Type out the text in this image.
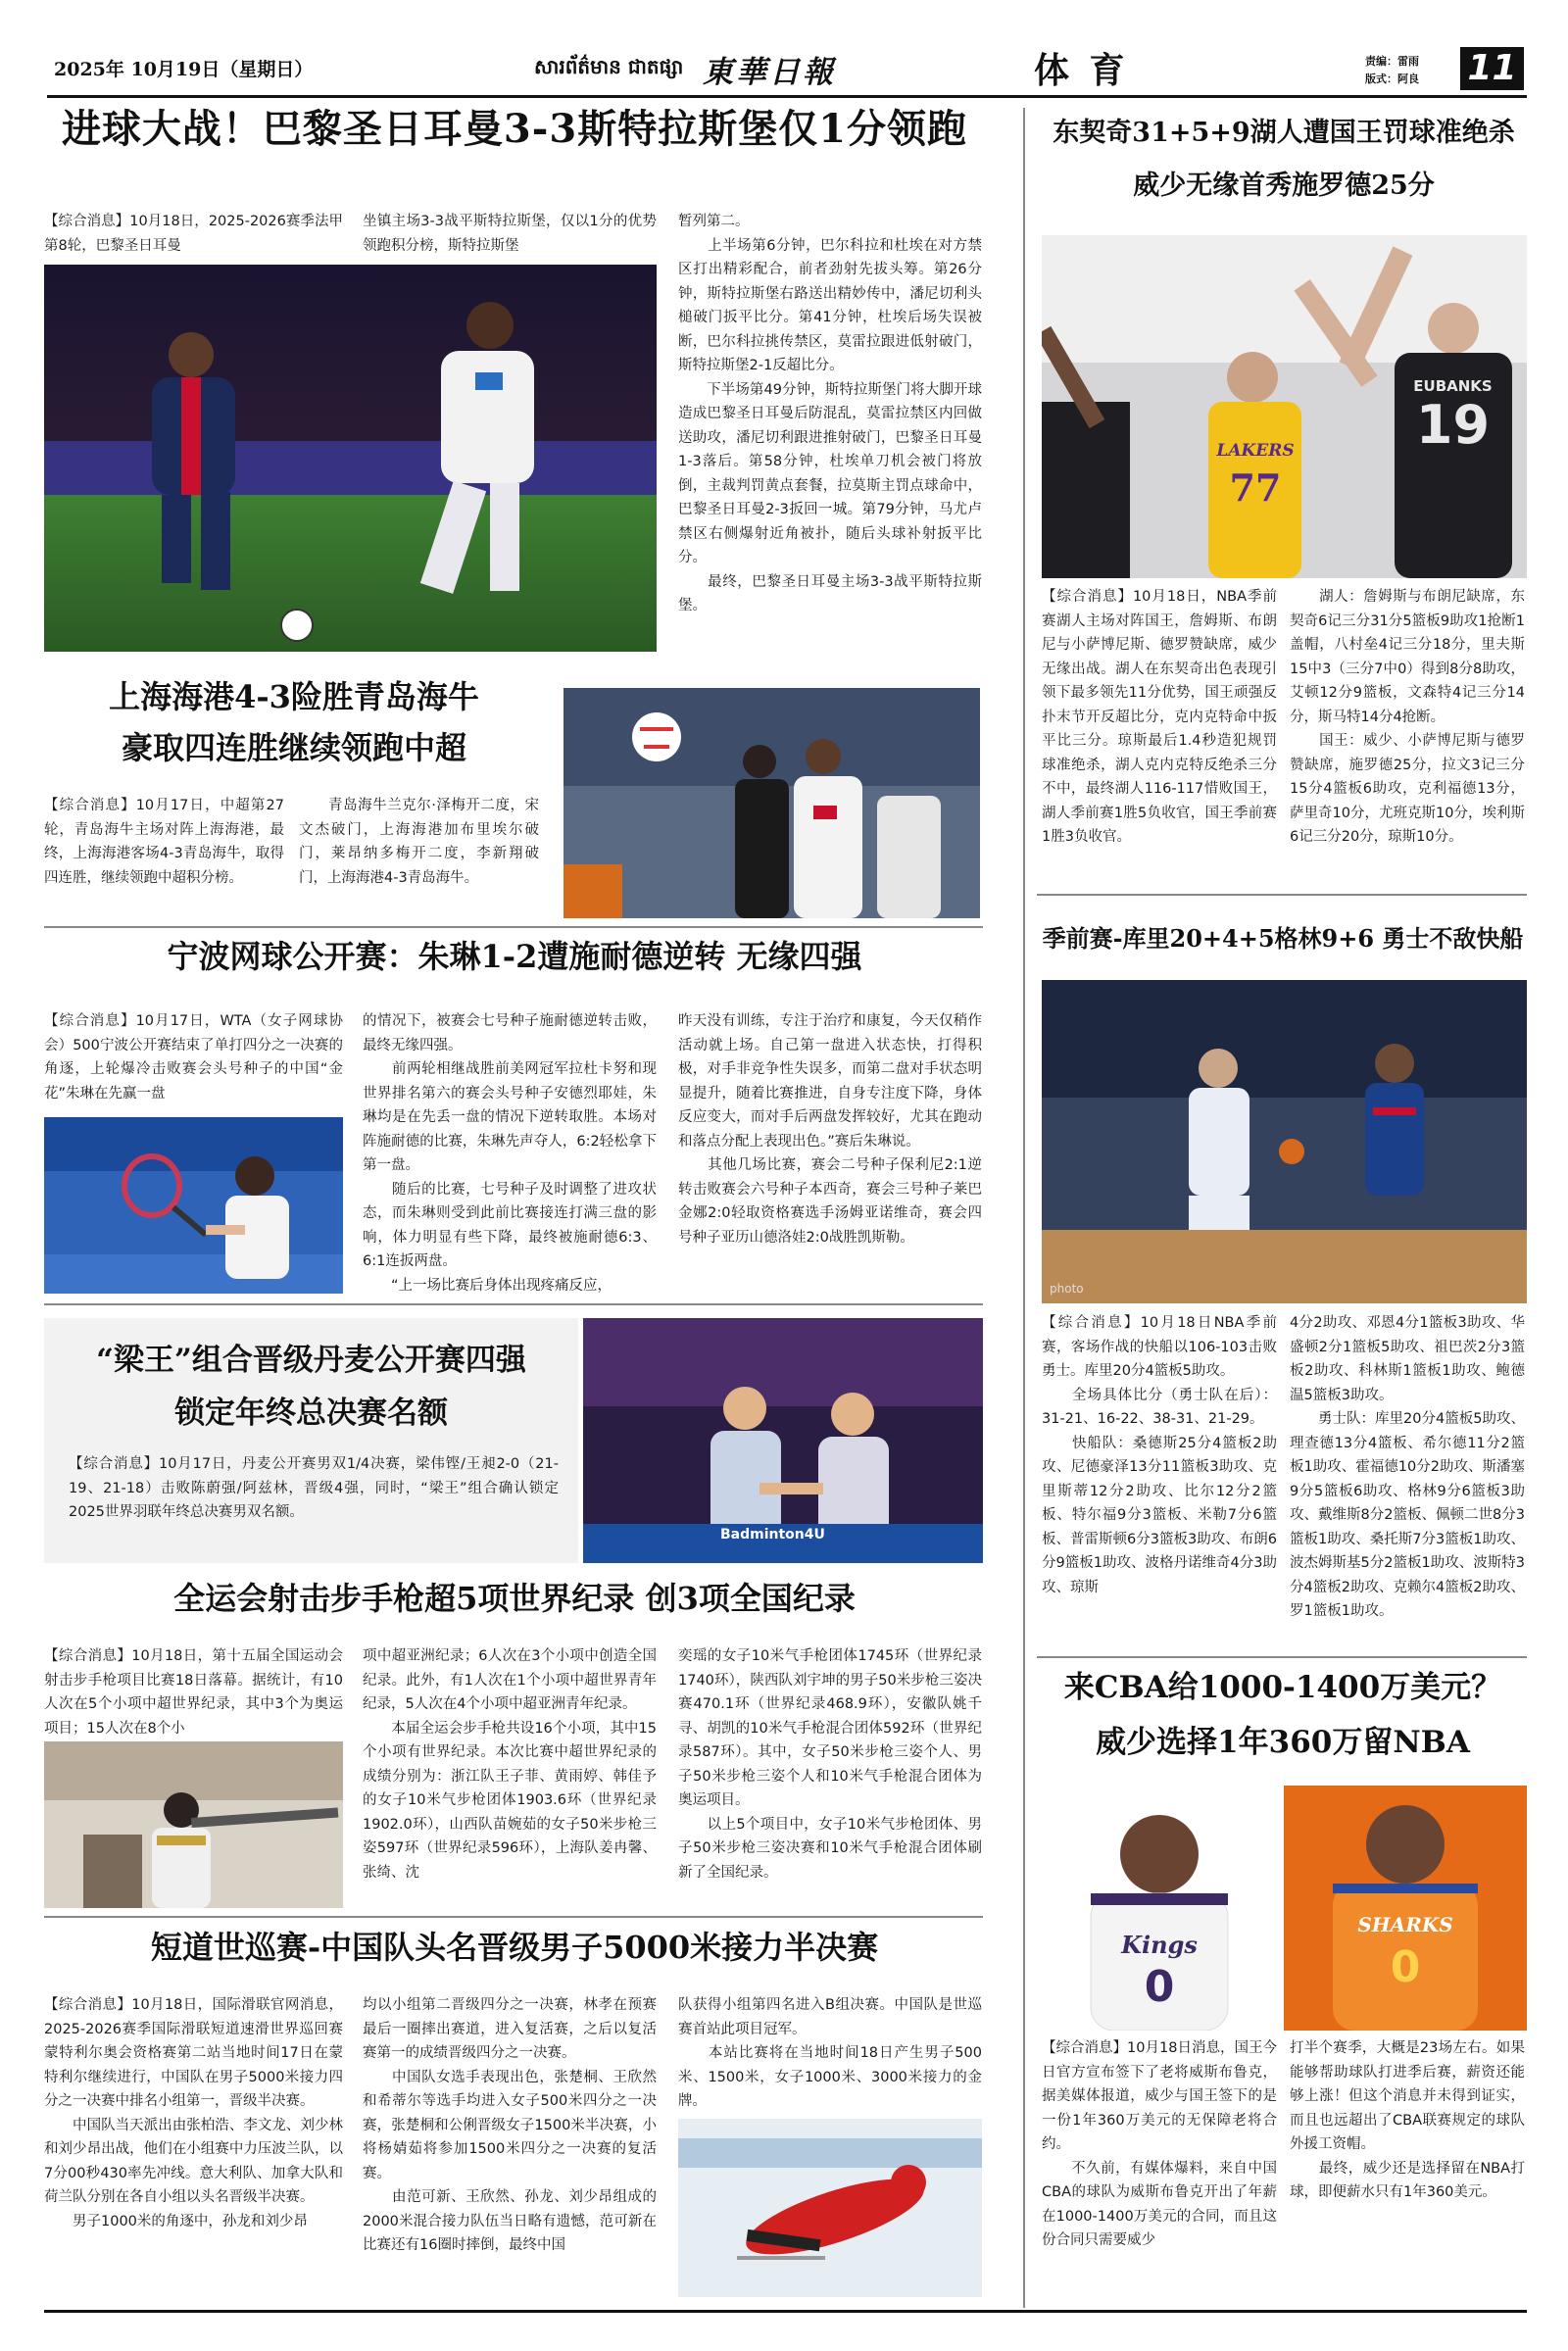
2025年 10月19日（星期日）	សារព័ត៌មាន ជាតផ្សា 東華日報	体 育	责编：雷雨
版式：阿良 11
进球大战！巴黎圣日耳曼3-3斯特拉斯堡仅1分领跑
【综合消息】10月18日，2025-2026赛季法甲第8轮，巴黎圣日耳曼
坐镇主场3-3战平斯特拉斯堡，仅以1分的优势领跑积分榜，斯特拉斯堡
暂列第二。
　　上半场第6分钟，巴尔科拉和杜埃在对方禁区打出精彩配合，前者劲射先拔头筹。第26分钟，斯特拉斯堡右路送出精妙传中，潘尼切利头槌破门扳平比分。第41分钟，杜埃后场失误被断，巴尔科拉挑传禁区，莫雷拉跟进低射破门，斯特拉斯堡2-1反超比分。
　　下半场第49分钟，斯特拉斯堡门将大脚开球造成巴黎圣日耳曼后防混乱，莫雷拉禁区内回做送助攻，潘尼切利跟进推射破门，巴黎圣日耳曼1-3落后。第58分钟，杜埃单刀机会被门将放倒，主裁判罚黄点套餐，拉莫斯主罚点球命中，巴黎圣日耳曼2-3扳回一城。第79分钟，马尤卢禁区右侧爆射近角被扑，随后头球补射扳平比分。
　　最终，巴黎圣日耳曼主场3-3战平斯特拉斯堡。
上海海港4-3险胜青岛海牛
豪取四连胜继续领跑中超
【综合消息】10月17日，中超第27轮，青岛海牛主场对阵上海海港，最终，上海海港客场4-3青岛海牛，取得四连胜，继续领跑中超积分榜。
　　青岛海牛兰克尔·泽梅开二度，宋文杰破门，上海海港加布里埃尔破门，莱昂纳多梅开二度，李新翔破门，上海海港4-3青岛海牛。
宁波网球公开赛：朱琳1-2遭施耐德逆转 无缘四强
【综合消息】10月17日，WTA（女子网球协会）500宁波公开赛结束了单打四分之一决赛的角逐，上轮爆冷击败赛会头号种子的中国“金花”朱琳在先赢一盘
的情况下，被赛会七号种子施耐德逆转击败，最终无缘四强。
　　前两轮相继战胜前美网冠军拉杜卡努和现世界排名第六的赛会头号种子安德烈耶娃，朱琳均是在先丢一盘的情况下逆转取胜。本场对阵施耐德的比赛，朱琳先声夺人，6:2轻松拿下第一盘。
　　随后的比赛，七号种子及时调整了进攻状态，而朱琳则受到此前比赛接连打满三盘的影响，体力明显有些下降，最终被施耐德6:3、6:1连扳两盘。
　　“上一场比赛后身体出现疼痛反应，
昨天没有训练，专注于治疗和康复，今天仅稍作活动就上场。自己第一盘进入状态快，打得积极，对手非竞争性失误多，而第二盘对手状态明显提升，随着比赛推进，自身专注度下降，身体反应变大，而对手后两盘发挥较好，尤其在跑动和落点分配上表现出色。”赛后朱琳说。
　　其他几场比赛，赛会二号种子保利尼2:1逆转击败赛会六号种子本西奇，赛会三号种子莱巴金娜2:0轻取资格赛选手汤姆亚诺维奇，赛会四号种子亚历山德洛娃2:0战胜凯斯勒。
“梁王”组合晋级丹麦公开赛四强
锁定年终总决赛名额
【综合消息】10月17日，丹麦公开赛男双1/4决赛，梁伟铿/王昶2-0（21-19、21-18）击败陈蔚强/阿兹林，晋级4强，同时，“梁王”组合确认锁定2025世界羽联年终总决赛男双名额。
Badminton4U
全运会射击步手枪超5项世界纪录 创3项全国纪录
【综合消息】10月18日，第十五届全国运动会射击步手枪项目比赛18日落幕。据统计，有10人次在5个小项中超世界纪录，其中3个为奥运项目；15人次在8个小
项中超亚洲纪录；6人次在3个小项中创造全国纪录。此外，有1人次在1个小项中超世界青年纪录，5人次在4个小项中超亚洲青年纪录。
　　本届全运会步手枪共设16个小项，其中15个小项有世界纪录。本次比赛中超世界纪录的成绩分别为：浙江队王子菲、黄雨婷、韩佳予的女子10米气步枪团体1903.6环（世界纪录1902.0环），山西队苗婉茹的女子50米步枪三姿597环（世界纪录596环），上海队姜冉馨、张绮、沈
奕瑶的女子10米气手枪团体1745环（世界纪录1740环），陕西队刘宇坤的男子50米步枪三姿决赛470.1环（世界纪录468.9环），安徽队姚千寻、胡凯的10米气手枪混合团体592环（世界纪录587环）。其中，女子50米步枪三姿个人、男子50米步枪三姿个人和10米气手枪混合团体为奥运项目。
　　以上5个项目中，女子10米气步枪团体、男子50米步枪三姿决赛和10米气手枪混合团体刷新了全国纪录。
短道世巡赛-中国队头名晋级男子5000米接力半决赛
【综合消息】10月18日，国际滑联官网消息，2025-2026赛季国际滑联短道速滑世界巡回赛蒙特利尔奥会资格赛第二站当地时间17日在蒙特利尔继续进行，中国队在男子5000米接力四分之一决赛中排名小组第一，晋级半决赛。
　　中国队当天派出由张柏浩、李文龙、刘少林和刘少昂出战，他们在小组赛中力压波兰队，以7分00秒430率先冲线。意大利队、加拿大队和荷兰队分别在各自小组以头名晋级半决赛。
　　男子1000米的角逐中，孙龙和刘少昂
均以小组第二晋级四分之一决赛，林孝在预赛最后一圈摔出赛道，进入复活赛，之后以复活赛第一的成绩晋级四分之一决赛。
　　中国队女选手表现出色，张楚桐、王欣然和希蒂尔等选手均进入女子500米四分之一决赛，张楚桐和公俐晋级女子1500米半决赛，小将杨婧茹将参加1500米四分之一决赛的复活赛。
　　由范可新、王欣然、孙龙、刘少昂组成的2000米混合接力队伍当日略有遗憾，范可新在比赛还有16圈时摔倒，最终中国
队获得小组第四名进入B组决赛。中国队是世巡赛首站此项目冠军。
　　本站比赛将在当地时间18日产生男子500米、1500米，女子1000米、3000米接力的金牌。
东契奇31+5+9湖人遭国王罚球准绝杀
威少无缘首秀施罗德25分
LAKERS
77
EUBANKS
19
【综合消息】10月18日，NBA季前赛湖人主场对阵国王，詹姆斯、布朗尼与小萨博尼斯、德罗赞缺席，威少无缘出战。湖人在东契奇出色表现引领下最多领先11分优势，国王顽强反扑末节开反超比分，克内克特命中扳平比三分。琼斯最后1.4秒造犯规罚球准绝杀，湖人克内克特反绝杀三分不中，最终湖人116-117惜败国王，湖人季前赛1胜5负收官，国王季前赛1胜3负收官。
　　湖人：詹姆斯与布朗尼缺席，东契奇6记三分31分5篮板9助攻1抢断1盖帽，八村垒4记三分18分，里夫斯15中3（三分7中0）得到8分8助攻，艾顿12分9篮板，文森特4记三分14分，斯马特14分4抢断。
　　国王：威少、小萨博尼斯与德罗赞缺席，施罗德25分，拉文3记三分15分4篮板6助攻，克利福德13分，萨里奇10分，尤班克斯10分，埃利斯6记三分20分，琼斯10分。
季前赛-库里20+4+5格林9+6 勇士不敌快船
photo
【综合消息】10月18日NBA季前赛，客场作战的快船以106-103击败勇士。库里20分4篮板5助攻。
　　全场具体比分（勇士队在后）：31-21、16-22、38-31、21-29。
　　快船队：桑德斯25分4篮板2助攻、尼德豪泽13分11篮板3助攻、克里斯蒂12分2助攻、比尔12分2篮板、特尔福9分3篮板、米勒7分6篮板、普雷斯顿6分3篮板3助攻、布朗6分9篮板1助攻、波格丹诺维奇4分3助攻、琼斯
4分2助攻、邓恩4分1篮板3助攻、华盛顿2分1篮板5助攻、祖巴茨2分3篮板2助攻、科林斯1篮板1助攻、鲍德温5篮板3助攻。
　　勇士队：库里20分4篮板5助攻、理查德13分4篮板、希尔德11分2篮板1助攻、霍福德10分2助攻、斯潘塞9分5篮板6助攻、格林9分6篮板3助攻、戴维斯8分2篮板、佩顿二世8分3篮板1助攻、桑托斯7分3篮板1助攻、波杰姆斯基5分2篮板1助攻、波斯特3分4篮板2助攻、克赖尔4篮板2助攻、罗1篮板1助攻。
来CBA给1000-1400万美元？
威少选择1年360万留NBA
Kings
0
SHARKS
0
【综合消息】10月18日消息，国王今日官方宣布签下了老将威斯布鲁克，据美媒体报道，威少与国王签下的是一份1年360万美元的无保障老将合约。
　　不久前，有媒体爆料，来自中国CBA的球队为威斯布鲁克开出了年薪在1000-1400万美元的合同，而且这份合同只需要威少
打半个赛季，大概是23场左右。如果能够帮助球队打进季后赛，薪资还能够上涨！但这个消息并未得到证实，而且也远超出了CBA联赛规定的球队外援工资帽。
　　最终，威少还是选择留在NBA打球，即便薪水只有1年360美元。
